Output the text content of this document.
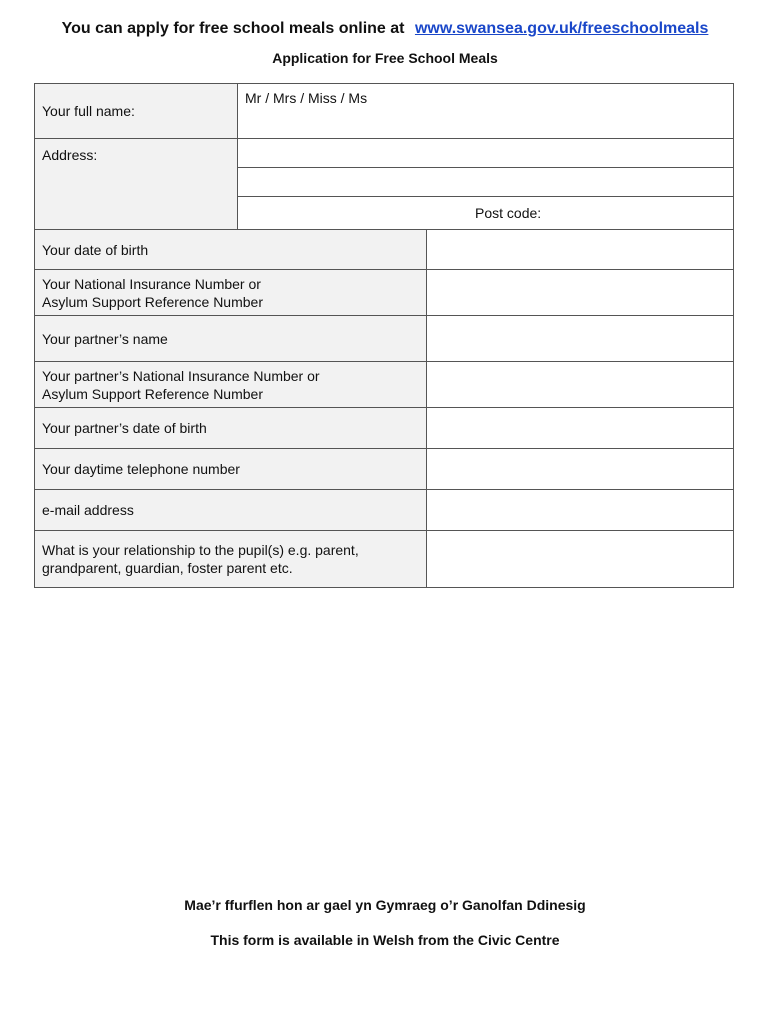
You can apply for free school meals online at www.swansea.gov.uk/freeschoolmeals
Application for Free School Meals
Your full name:
Mr / Mrs / Miss / Ms
Address:
Post code:
Your date of birth
Your National Insurance Number or
Asylum Support Reference Number
Your partner’s name
Your partner’s National Insurance Number or
Asylum Support Reference Number
Your partner’s date of birth
Your daytime telephone number
e-mail address
What is your relationship to the pupil(s) e.g. parent,
grandparent, guardian, foster parent etc.
Mae’r ffurflen hon ar gael yn Gymraeg o’r Ganolfan Ddinesig
This form is available in Welsh from the Civic Centre
